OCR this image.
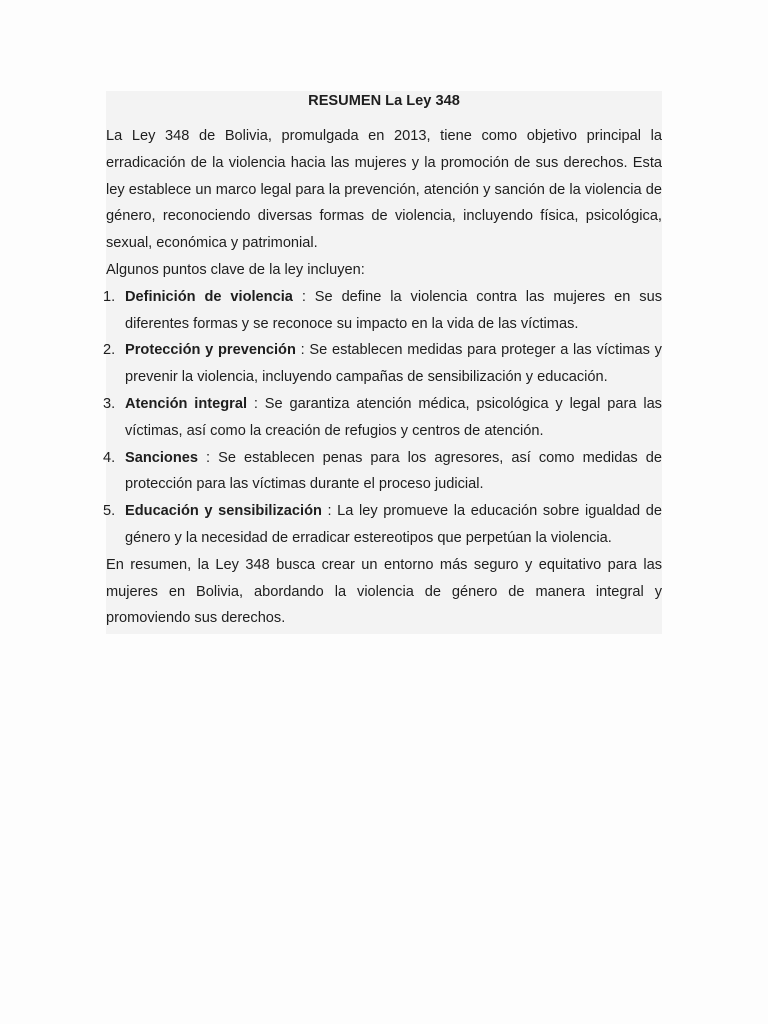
RESUMEN La Ley 348

La Ley 348 de Bolivia, promulgada en 2013, tiene como objetivo principal la erradicación de la violencia hacia las mujeres y la promoción de sus derechos. Esta ley establece un marco legal para la prevención, atención y sanción de la violencia de género, reconociendo diversas formas de violencia, incluyendo física, psicológica, sexual, económica y patrimonial.

Algunos puntos clave de la ley incluyen:

1. Definición de violencia : Se define la violencia contra las mujeres en sus diferentes formas y se reconoce su impacto en la vida de las víctimas.
2. Protección y prevención : Se establecen medidas para proteger a las víctimas y prevenir la violencia, incluyendo campañas de sensibilización y educación.
3. Atención integral : Se garantiza atención médica, psicológica y legal para las víctimas, así como la creación de refugios y centros de atención.
4. Sanciones : Se establecen penas para los agresores, así como medidas de protección para las víctimas durante el proceso judicial.
5. Educación y sensibilización : La ley promueve la educación sobre igualdad de género y la necesidad de erradicar estereotipos que perpetúan la violencia.

En resumen, la Ley 348 busca crear un entorno más seguro y equitativo para las mujeres en Bolivia, abordando la violencia de género de manera integral y promoviendo sus derechos.
